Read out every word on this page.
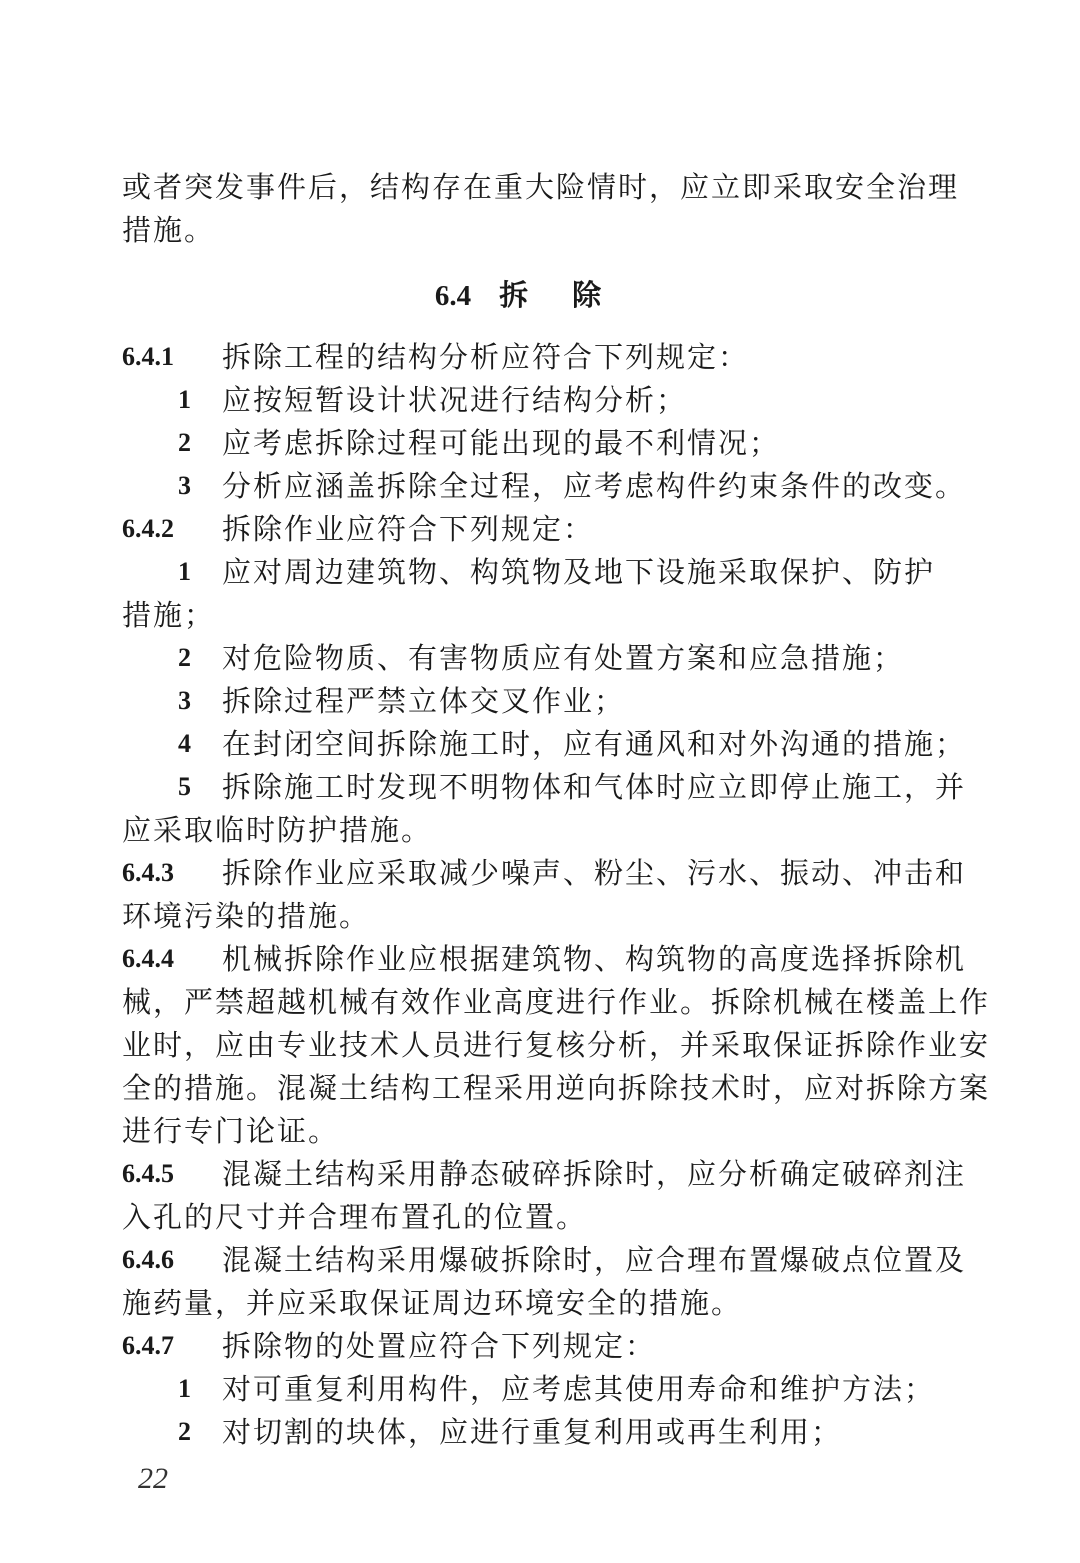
或者突发事件后，结构存在重大险情时，应立即采取安全治理
措施。
6.4 拆除
6.4.1 拆除工程的结构分析应符合下列规定：
1 应按短暂设计状况进行结构分析；
2 应考虑拆除过程可能出现的最不利情况；
3 分析应涵盖拆除全过程，应考虑构件约束条件的改变。
6.4.2 拆除作业应符合下列规定：
1 应对周边建筑物、构筑物及地下设施采取保护、防护
措施；
2 对危险物质、有害物质应有处置方案和应急措施；
3 拆除过程严禁立体交叉作业；
4 在封闭空间拆除施工时，应有通风和对外沟通的措施；
5 拆除施工时发现不明物体和气体时应立即停止施工，并
应采取临时防护措施。
6.4.3 拆除作业应采取减少噪声、粉尘、污水、振动、冲击和
环境污染的措施。
6.4.4 机械拆除作业应根据建筑物、构筑物的高度选择拆除机
械，严禁超越机械有效作业高度进行作业。拆除机械在楼盖上作
业时，应由专业技术人员进行复核分析，并采取保证拆除作业安
全的措施。混凝土结构工程采用逆向拆除技术时，应对拆除方案
进行专门论证。
6.4.5 混凝土结构采用静态破碎拆除时，应分析确定破碎剂注
入孔的尺寸并合理布置孔的位置。
6.4.6 混凝土结构采用爆破拆除时，应合理布置爆破点位置及
施药量，并应采取保证周边环境安全的措施。
6.4.7 拆除物的处置应符合下列规定：
1 对可重复利用构件，应考虑其使用寿命和维护方法；
2 对切割的块体，应进行重复利用或再生利用；
22
